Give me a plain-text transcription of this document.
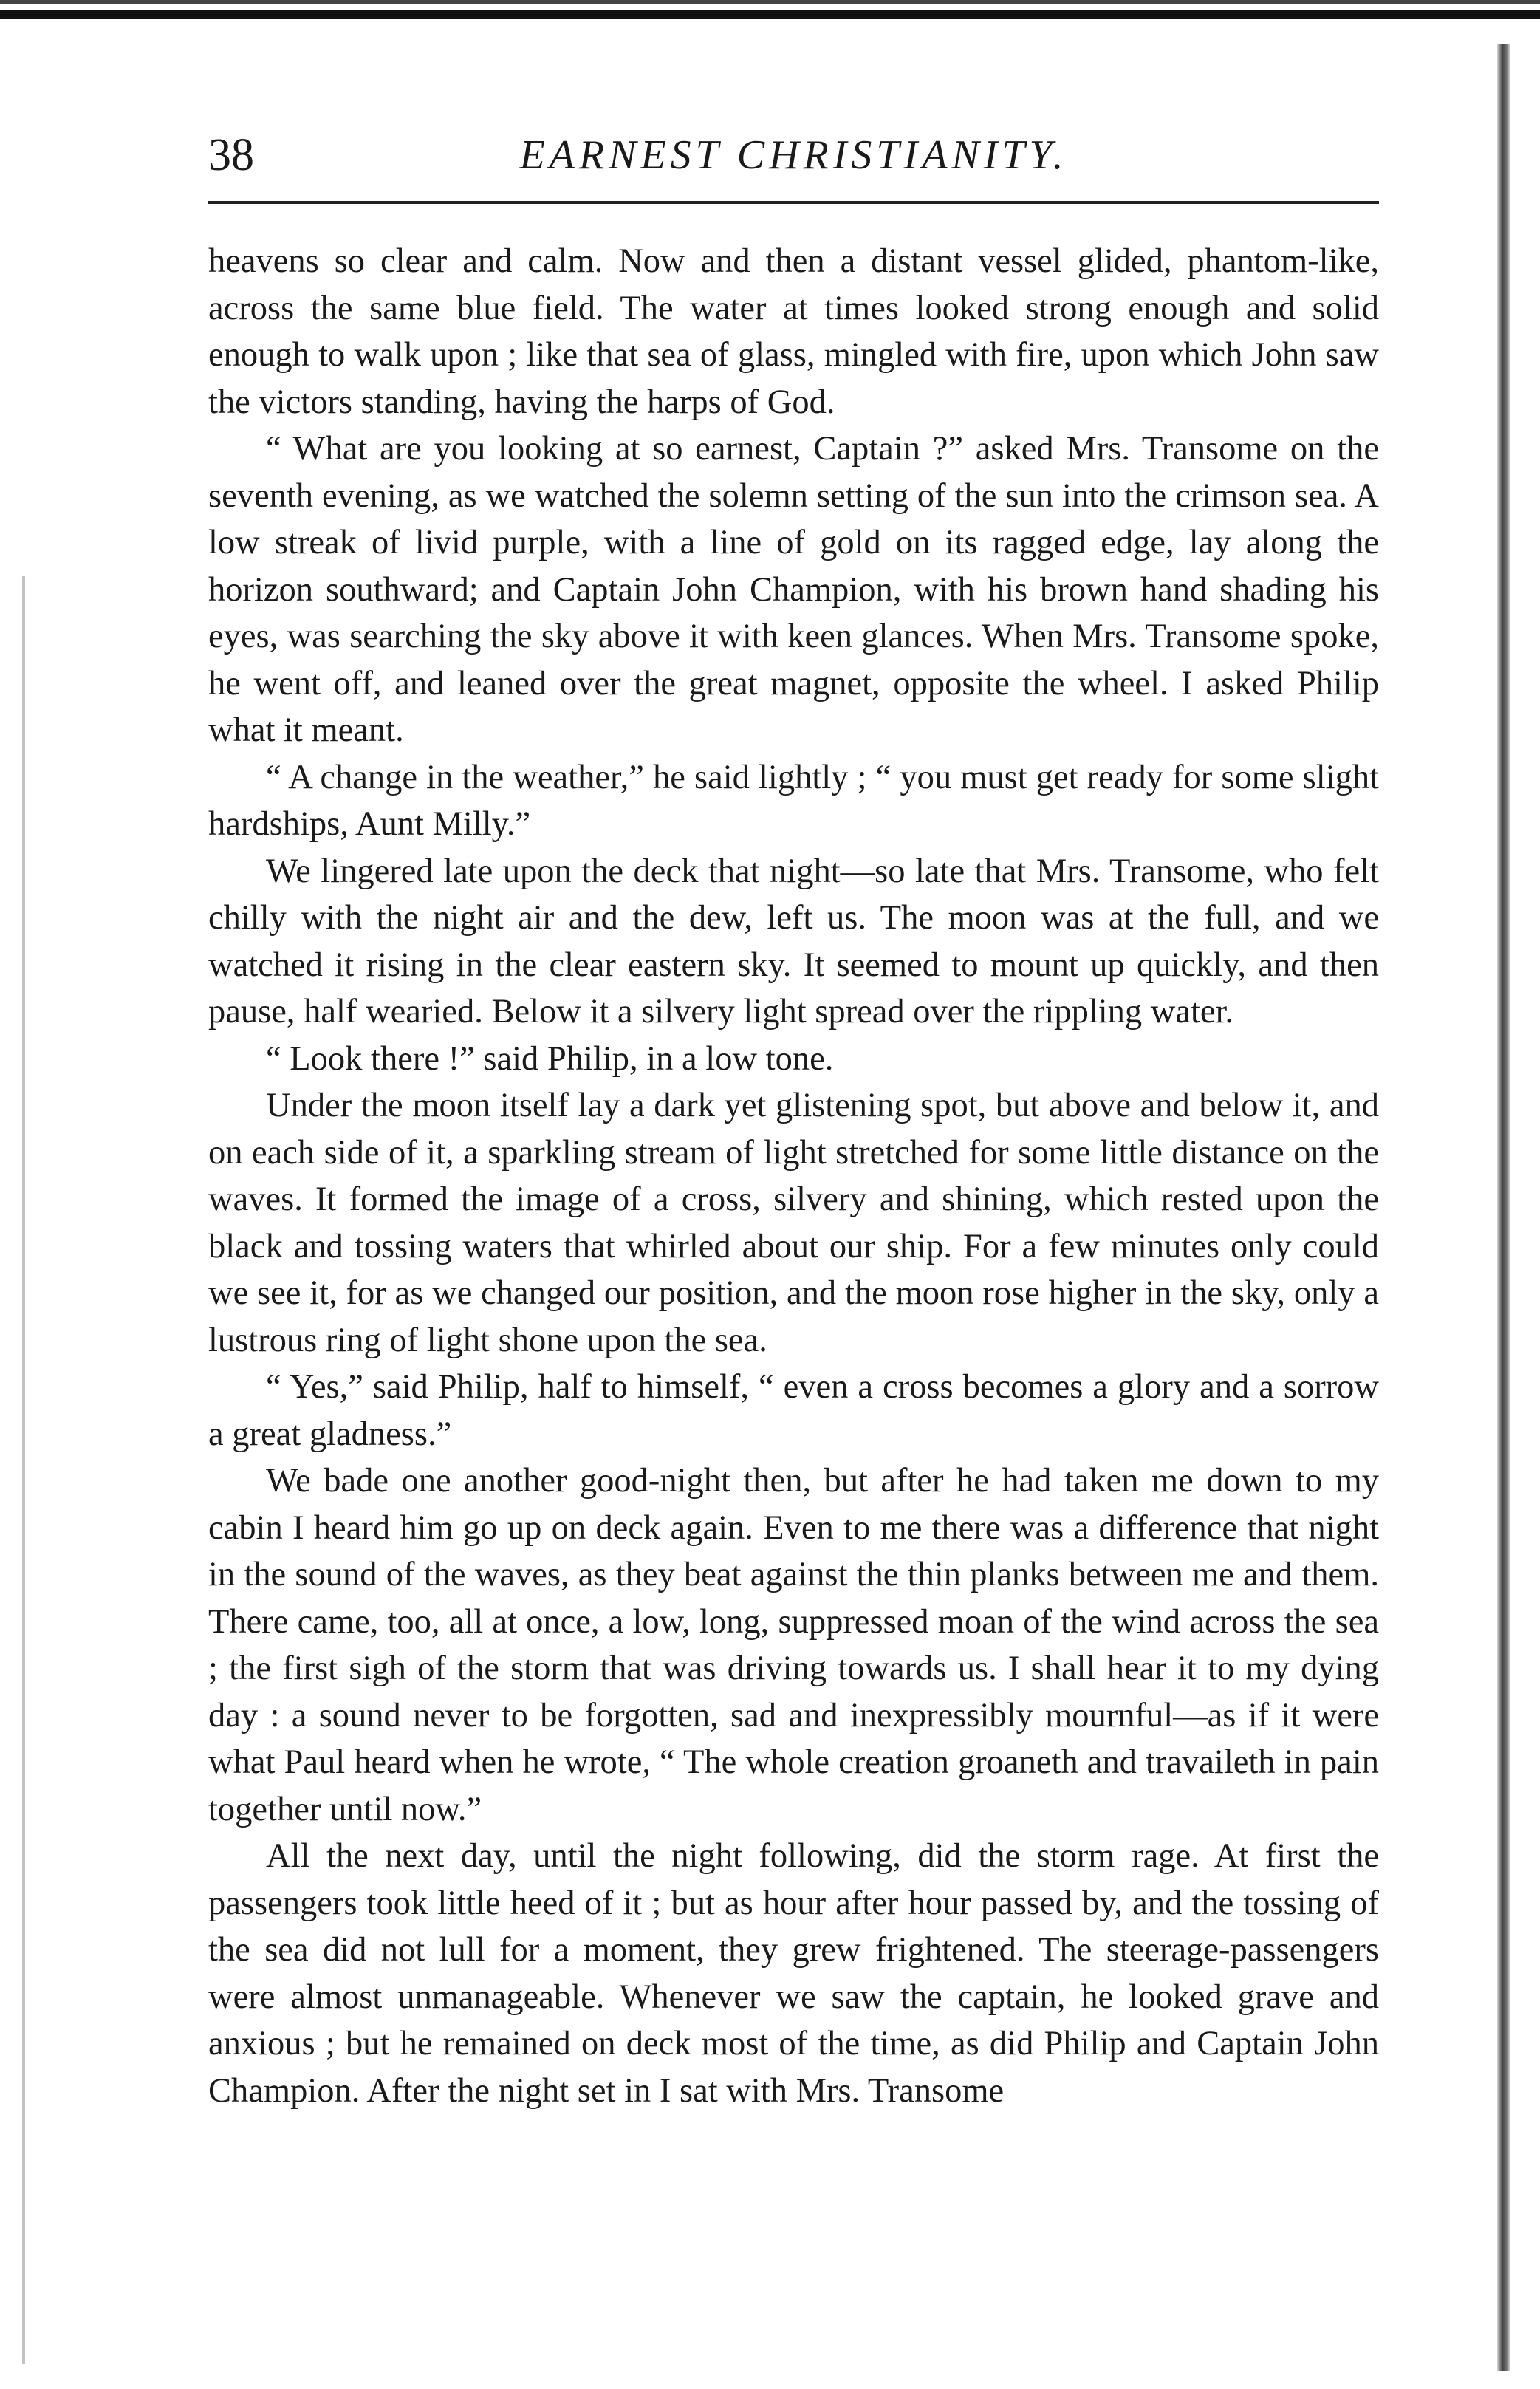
38	EARNEST CHRISTIANITY.

heavens so clear and calm. Now and then a distant vessel glided, phantom-like, across the same blue field. The water at times looked strong enough and solid enough to walk upon ; like that sea of glass, mingled with fire, upon which John saw the victors standing, having the harps of God.

“ What are you looking at so earnest, Captain ?” asked Mrs. Transome on the seventh evening, as we watched the solemn setting of the sun into the crimson sea. A low streak of livid purple, with a line of gold on its ragged edge, lay along the horizon southward; and Captain John Champion, with his brown hand shading his eyes, was searching the sky above it with keen glances. When Mrs. Transome spoke, he went off, and leaned over the great magnet, opposite the wheel. I asked Philip what it meant.

“ A change in the weather,” he said lightly ; “ you must get ready for some slight hardships, Aunt Milly.”

We lingered late upon the deck that night—so late that Mrs. Transome, who felt chilly with the night air and the dew, left us. The moon was at the full, and we watched it rising in the clear eastern sky. It seemed to mount up quickly, and then pause, half wearied. Below it a silvery light spread over the rippling water.

“ Look there !” said Philip, in a low tone.

Under the moon itself lay a dark yet glistening spot, but above and below it, and on each side of it, a sparkling stream of light stretched for some little distance on the waves. It formed the image of a cross, silvery and shining, which rested upon the black and tossing waters that whirled about our ship. For a few minutes only could we see it, for as we changed our position, and the moon rose higher in the sky, only a lustrous ring of light shone upon the sea.

“ Yes,” said Philip, half to himself, “ even a cross becomes a glory and a sorrow a great gladness.”

We bade one another good-night then, but after he had taken me down to my cabin I heard him go up on deck again. Even to me there was a difference that night in the sound of the waves, as they beat against the thin planks between me and them. There came, too, all at once, a low, long, suppressed moan of the wind across the sea ; the first sigh of the storm that was driving towards us. I shall hear it to my dying day : a sound never to be forgotten, sad and inexpressibly mournful—as if it were what Paul heard when he wrote, “ The whole creation groaneth and travaileth in pain together until now.”

All the next day, until the night following, did the storm rage. At first the passengers took little heed of it ; but as hour after hour passed by, and the tossing of the sea did not lull for a moment, they grew frightened. The steerage-passengers were almost unmanageable. Whenever we saw the captain, he looked grave and anxious ; but he remained on deck most of the time, as did Philip and Captain John Champion. After the night set in I sat with Mrs. Transome
